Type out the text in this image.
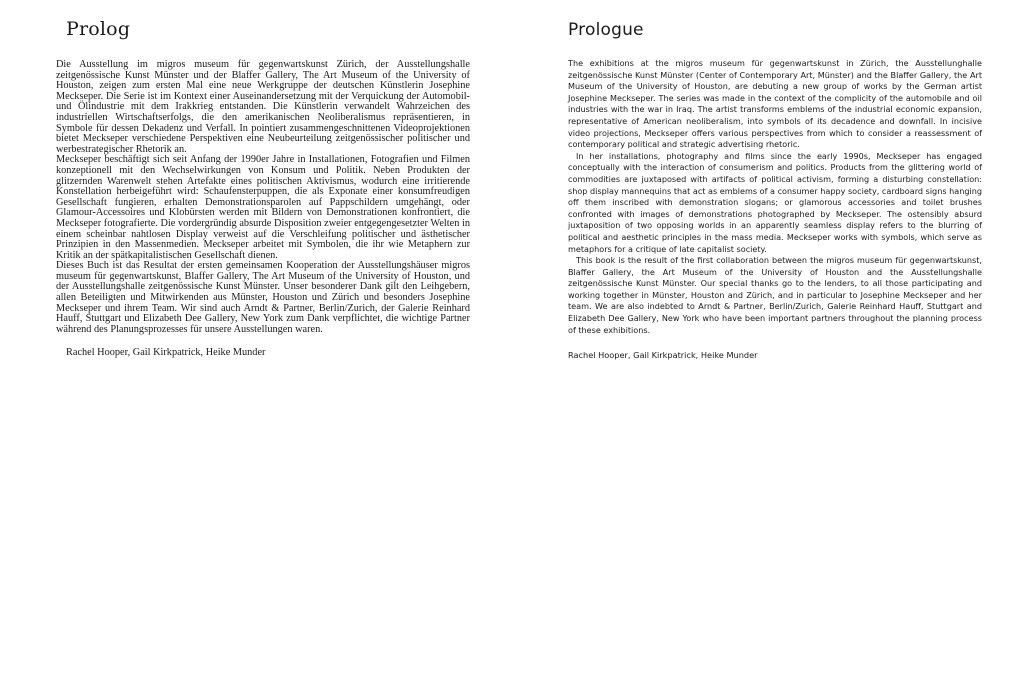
Prolog

Die Ausstellung im migros museum für gegenwartskunst Zürich, der Ausstellungshalle zeitgenössische Kunst Münster und der Blaffer Gallery, The Art Museum of the University of Houston, zeigen zum ersten Mal eine neue Werkgruppe der deutschen Künstlerin Josephine Meckseper. Die Serie ist im Kontext einer Auseinandersetzung mit der Verquickung der Automobil- und Ölindustrie mit dem Irakkrieg entstanden. Die Künstlerin verwandelt Wahrzeichen des industriellen Wirtschaftserfolgs, die den amerikanischen Neoliberalismus repräsentieren, in Symbole für dessen Dekadenz und Verfall. In pointiert zusammengeschnittenen Videoprojektionen bietet Meckseper verschiedene Perspektiven eine Neubeurteilung zeitgenössischer politischer und werbestrategischer Rhetorik an.

Meckseper beschäftigt sich seit Anfang der 1990er Jahre in Installationen, Fotografien und Filmen konzeptionell mit den Wechselwirkungen von Konsum und Politik. Neben Produkten der glitzernden Warenwelt stehen Artefakte eines politischen Aktivismus, wodurch eine irritierende Konstellation herbeigeführt wird: Schaufensterpuppen, die als Exponate einer konsumfreudigen Gesellschaft fungieren, erhalten Demonstrationsparolen auf Pappschildern umgehängt, oder Glamour-Accessoires und Klobürsten werden mit Bildern von Demonstrationen konfrontiert, die Meckseper fotografierte. Die vordergründig absurde Disposition zweier entgegengesetzter Welten in einem scheinbar nahtlosen Display verweist auf die Verschleifung politischer und ästhetischer Prinzipien in den Massenmedien. Meckseper arbeitet mit Symbolen, die ihr wie Metaphern zur Kritik an der spätkapitalistischen Gesellschaft dienen.

Dieses Buch ist das Resultat der ersten gemeinsamen Kooperation der Ausstellungshäuser migros museum für gegenwartskunst, Blaffer Gallery, The Art Museum of the University of Houston, und der Ausstellungshalle zeitgenössische Kunst Münster. Unser besonderer Dank gilt den Leihgebern, allen Beteiligten und Mitwirkenden aus Münster, Houston und Zürich und besonders Josephine Meckseper und ihrem Team. Wir sind auch Arndt & Partner, Berlin/Zurich, der Galerie Reinhard Hauff, Stuttgart und Elizabeth Dee Gallery, New York zum Dank verpflichtet, die wichtige Partner während des Planungsprozesses für unsere Ausstellungen waren.

Rachel Hooper, Gail Kirkpatrick, Heike Munder
Prologue

The exhibitions at the migros museum für gegenwartskunst in Zürich, the Ausstellunghalle zeitgenössische Kunst Münster (Center of Contemporary Art, Münster) and the Blaffer Gallery, the Art Museum of the University of Houston, are debuting a new group of works by the German artist Josephine Meckseper. The series was made in the context of the complicity of the automobile and oil industries with the war in Iraq. The artist transforms emblems of the industrial economic expansion, representative of American neoliberalism, into symbols of its decadence and downfall. In incisive video projections, Meckseper offers various perspectives from which to consider a reassessment of contemporary political and strategic advertising rhetoric.

In her installations, photography and films since the early 1990s, Meckseper has engaged conceptually with the interaction of consumerism and politics. Products from the glittering world of commodities are juxtaposed with artifacts of political activism, forming a disturbing constellation: shop display mannequins that act as emblems of a consumer happy society, cardboard signs hanging off them inscribed with demonstration slogans; or glamorous accessories and toilet brushes confronted with images of demonstrations photographed by Meckseper. The ostensibly absurd juxtaposition of two opposing worlds in an apparently seamless display refers to the blurring of political and aesthetic principles in the mass media. Meckseper works with symbols, which serve as metaphors for a critique of late capitalist society.

This book is the result of the first collaboration between the migros museum für gegenwartskunst, Blaffer Gallery, the Art Museum of the University of Houston and the Ausstellungshalle zeitgenössische Kunst Münster. Our special thanks go to the lenders, to all those participating and working together in Münster, Houston and Zürich, and in particular to Josephine Meckseper and her team. We are also indebted to Arndt & Partner, Berlin/Zurich, Galerie Reinhard Hauff, Stuttgart and Elizabeth Dee Gallery, New York who have been important partners throughout the planning process of these exhibitions.

Rachel Hooper, Gail Kirkpatrick, Heike Munder
